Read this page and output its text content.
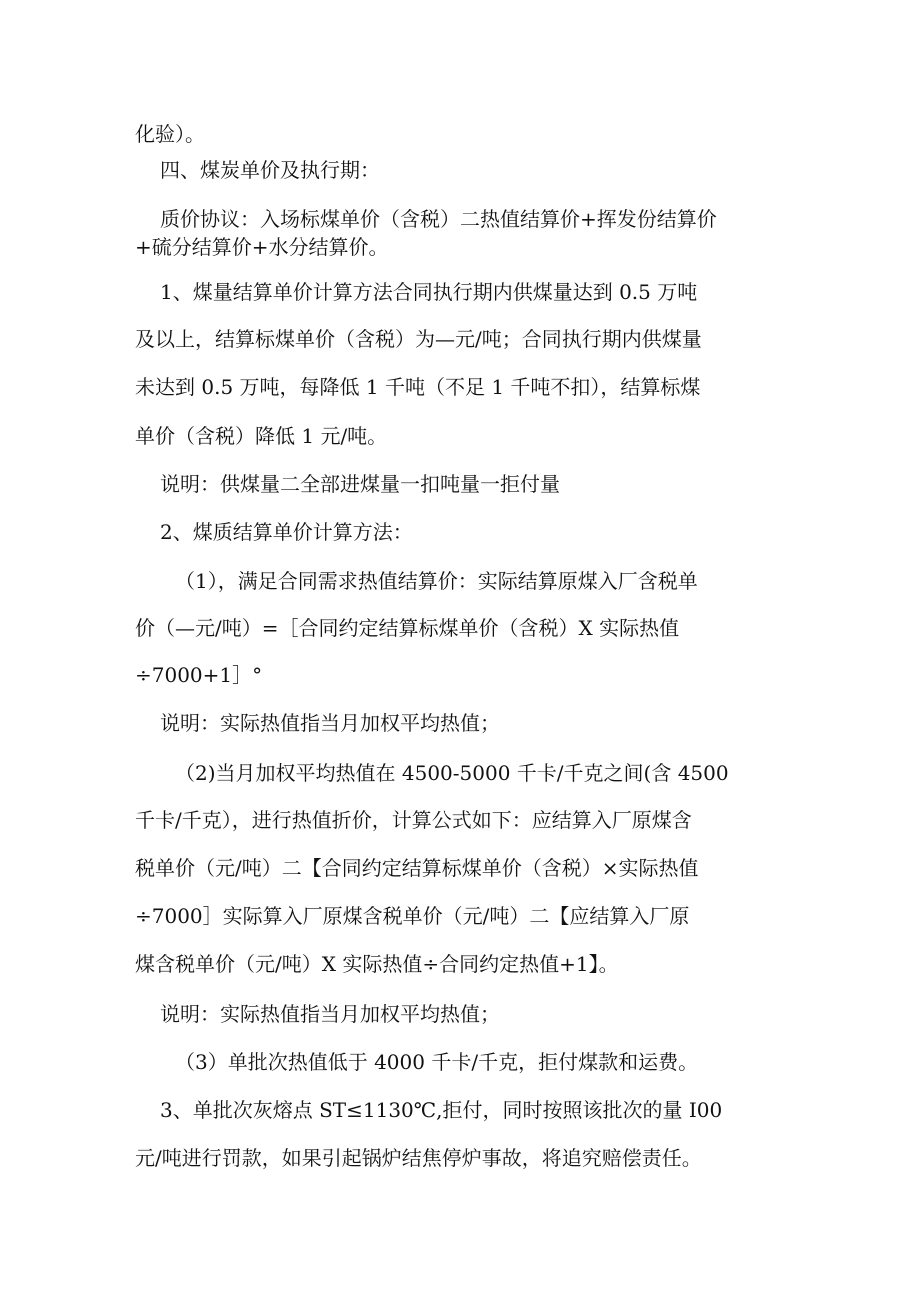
化验）。
四、煤炭单价及执行期：
质价协议：入场标煤单价（含税）二热值结算价+挥发份结算价
+硫分结算价+水分结算价。
1、煤量结算单价计算方法合同执行期内供煤量达到 0.5 万吨
及以上，结算标煤单价（含税）为—元/吨；合同执行期内供煤量
未达到 0.5 万吨，每降低 1 千吨（不足 1 千吨不扣），结算标煤
单价（含税）降低 1 元/吨。
说明：供煤量二全部进煤量一扣吨量一拒付量
2、煤质结算单价计算方法：
（1），满足合同需求热值结算价：实际结算原煤入厂含税单
价（—元/吨）=［合同约定结算标煤单价（含税）X 实际热值
÷7000+1］°
说明：实际热值指当月加权平均热值；
（2)当月加权平均热值在 4500-5000 千卡/千克之间(含 4500
千卡/千克），进行热值折价，计算公式如下：应结算入厂原煤含
税单价（元/吨）二【合同约定结算标煤单价（含税）×实际热值
÷7000］实际算入厂原煤含税单价（元/吨）二【应结算入厂原
煤含税单价（元/吨）X 实际热值÷合同约定热值+1】。
说明：实际热值指当月加权平均热值；
（3）单批次热值低于 4000 千卡/千克，拒付煤款和运费。
3、单批次灰熔点 ST≤1130℃,拒付，同时按照该批次的量 I00
元/吨进行罚款，如果引起锅炉结焦停炉事故，将追究赔偿责任。
